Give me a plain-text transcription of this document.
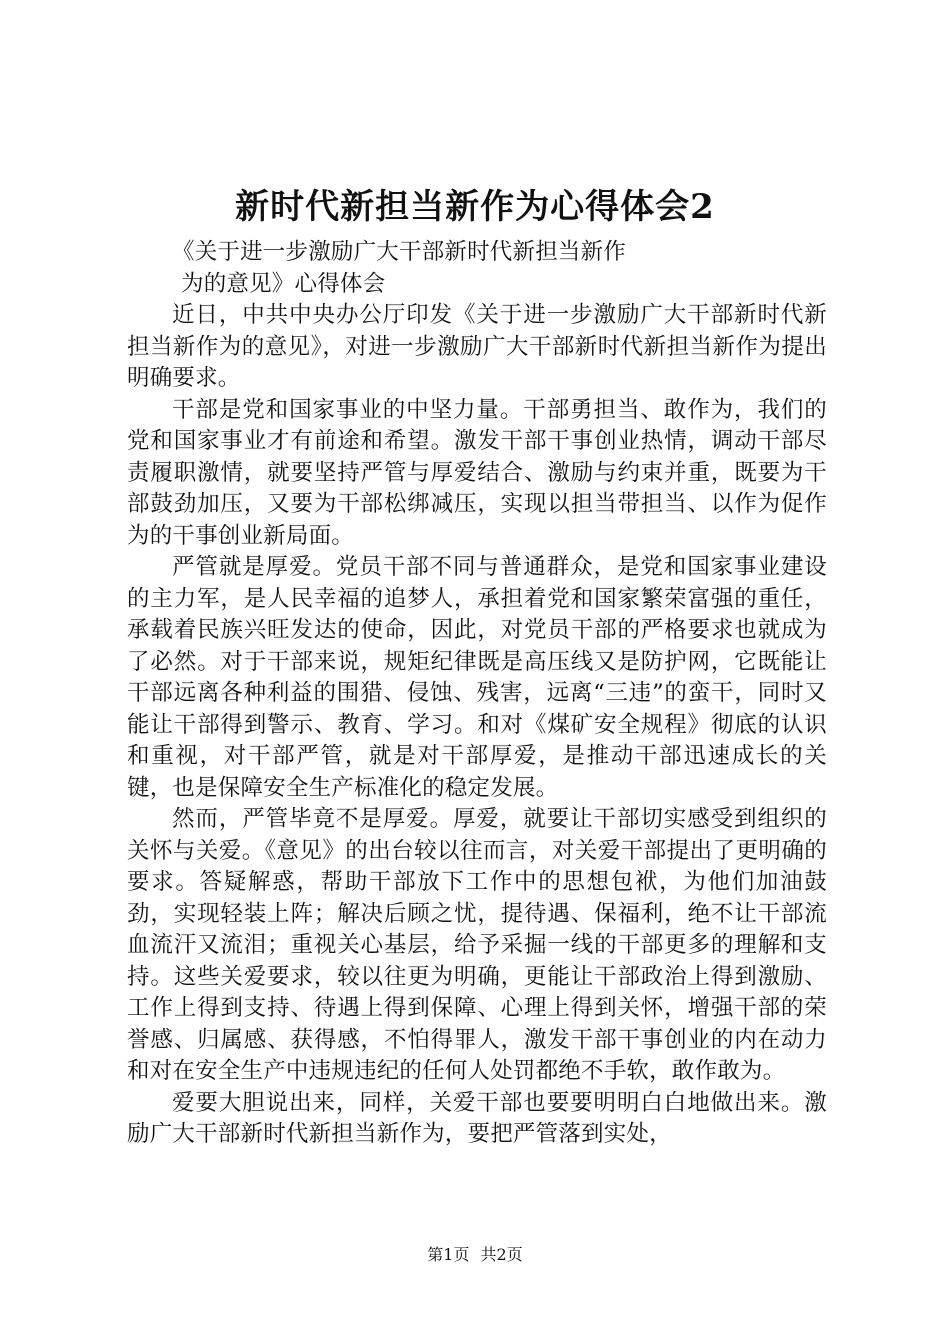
新时代新担当新作为心得体会2

《关于进一步激励广大干部新时代新担当新作

为的意见》心得体会

近日，中共中央办公厅印发《关于进一步激励广大干部新时代新担当新作为的意见》，对进一步激励广大干部新时代新担当新作为提出明确要求。

干部是党和国家事业的中坚力量。干部勇担当、敢作为，我们的党和国家事业才有前途和希望。激发干部干事创业热情，调动干部尽责履职激情，就要坚持严管与厚爱结合、激励与约束并重，既要为干部鼓劲加压，又要为干部松绑减压，实现以担当带担当、以作为促作为的干事创业新局面。

严管就是厚爱。党员干部不同与普通群众，是党和国家事业建设的主力军，是人民幸福的追梦人，承担着党和国家繁荣富强的重任，承载着民族兴旺发达的使命，因此，对党员干部的严格要求也就成为了必然。对于干部来说，规矩纪律既是高压线又是防护网，它既能让干部远离各种利益的围猎、侵蚀、残害，远离“三违”的蛮干，同时又能让干部得到警示、教育、学习。和对《煤矿安全规程》彻底的认识和重视，对干部严管，就是对干部厚爱，是推动干部迅速成长的关键，也是保障安全生产标准化的稳定发展。

然而，严管毕竟不是厚爱。厚爱，就要让干部切实感受到组织的关怀与关爱。《意见》的出台较以往而言，对关爱干部提出了更明确的要求。答疑解惑，帮助干部放下工作中的思想包袱，为他们加油鼓劲，实现轻装上阵；解决后顾之忧，提待遇、保福利，绝不让干部流血流汗又流泪；重视关心基层，给予采掘一线的干部更多的理解和支持。这些关爱要求，较以往更为明确，更能让干部政治上得到激励、工作上得到支持、待遇上得到保障、心理上得到关怀，增强干部的荣誉感、归属感、获得感，不怕得罪人，激发干部干事创业的内在动力和对在安全生产中违规违纪的任何人处罚都绝不手软，敢作敢为。

爱要大胆说出来，同样，关爱干部也要要明明白白地做出来。激励广大干部新时代新担当新作为，要把严管落到实处，

第1页 共2页
